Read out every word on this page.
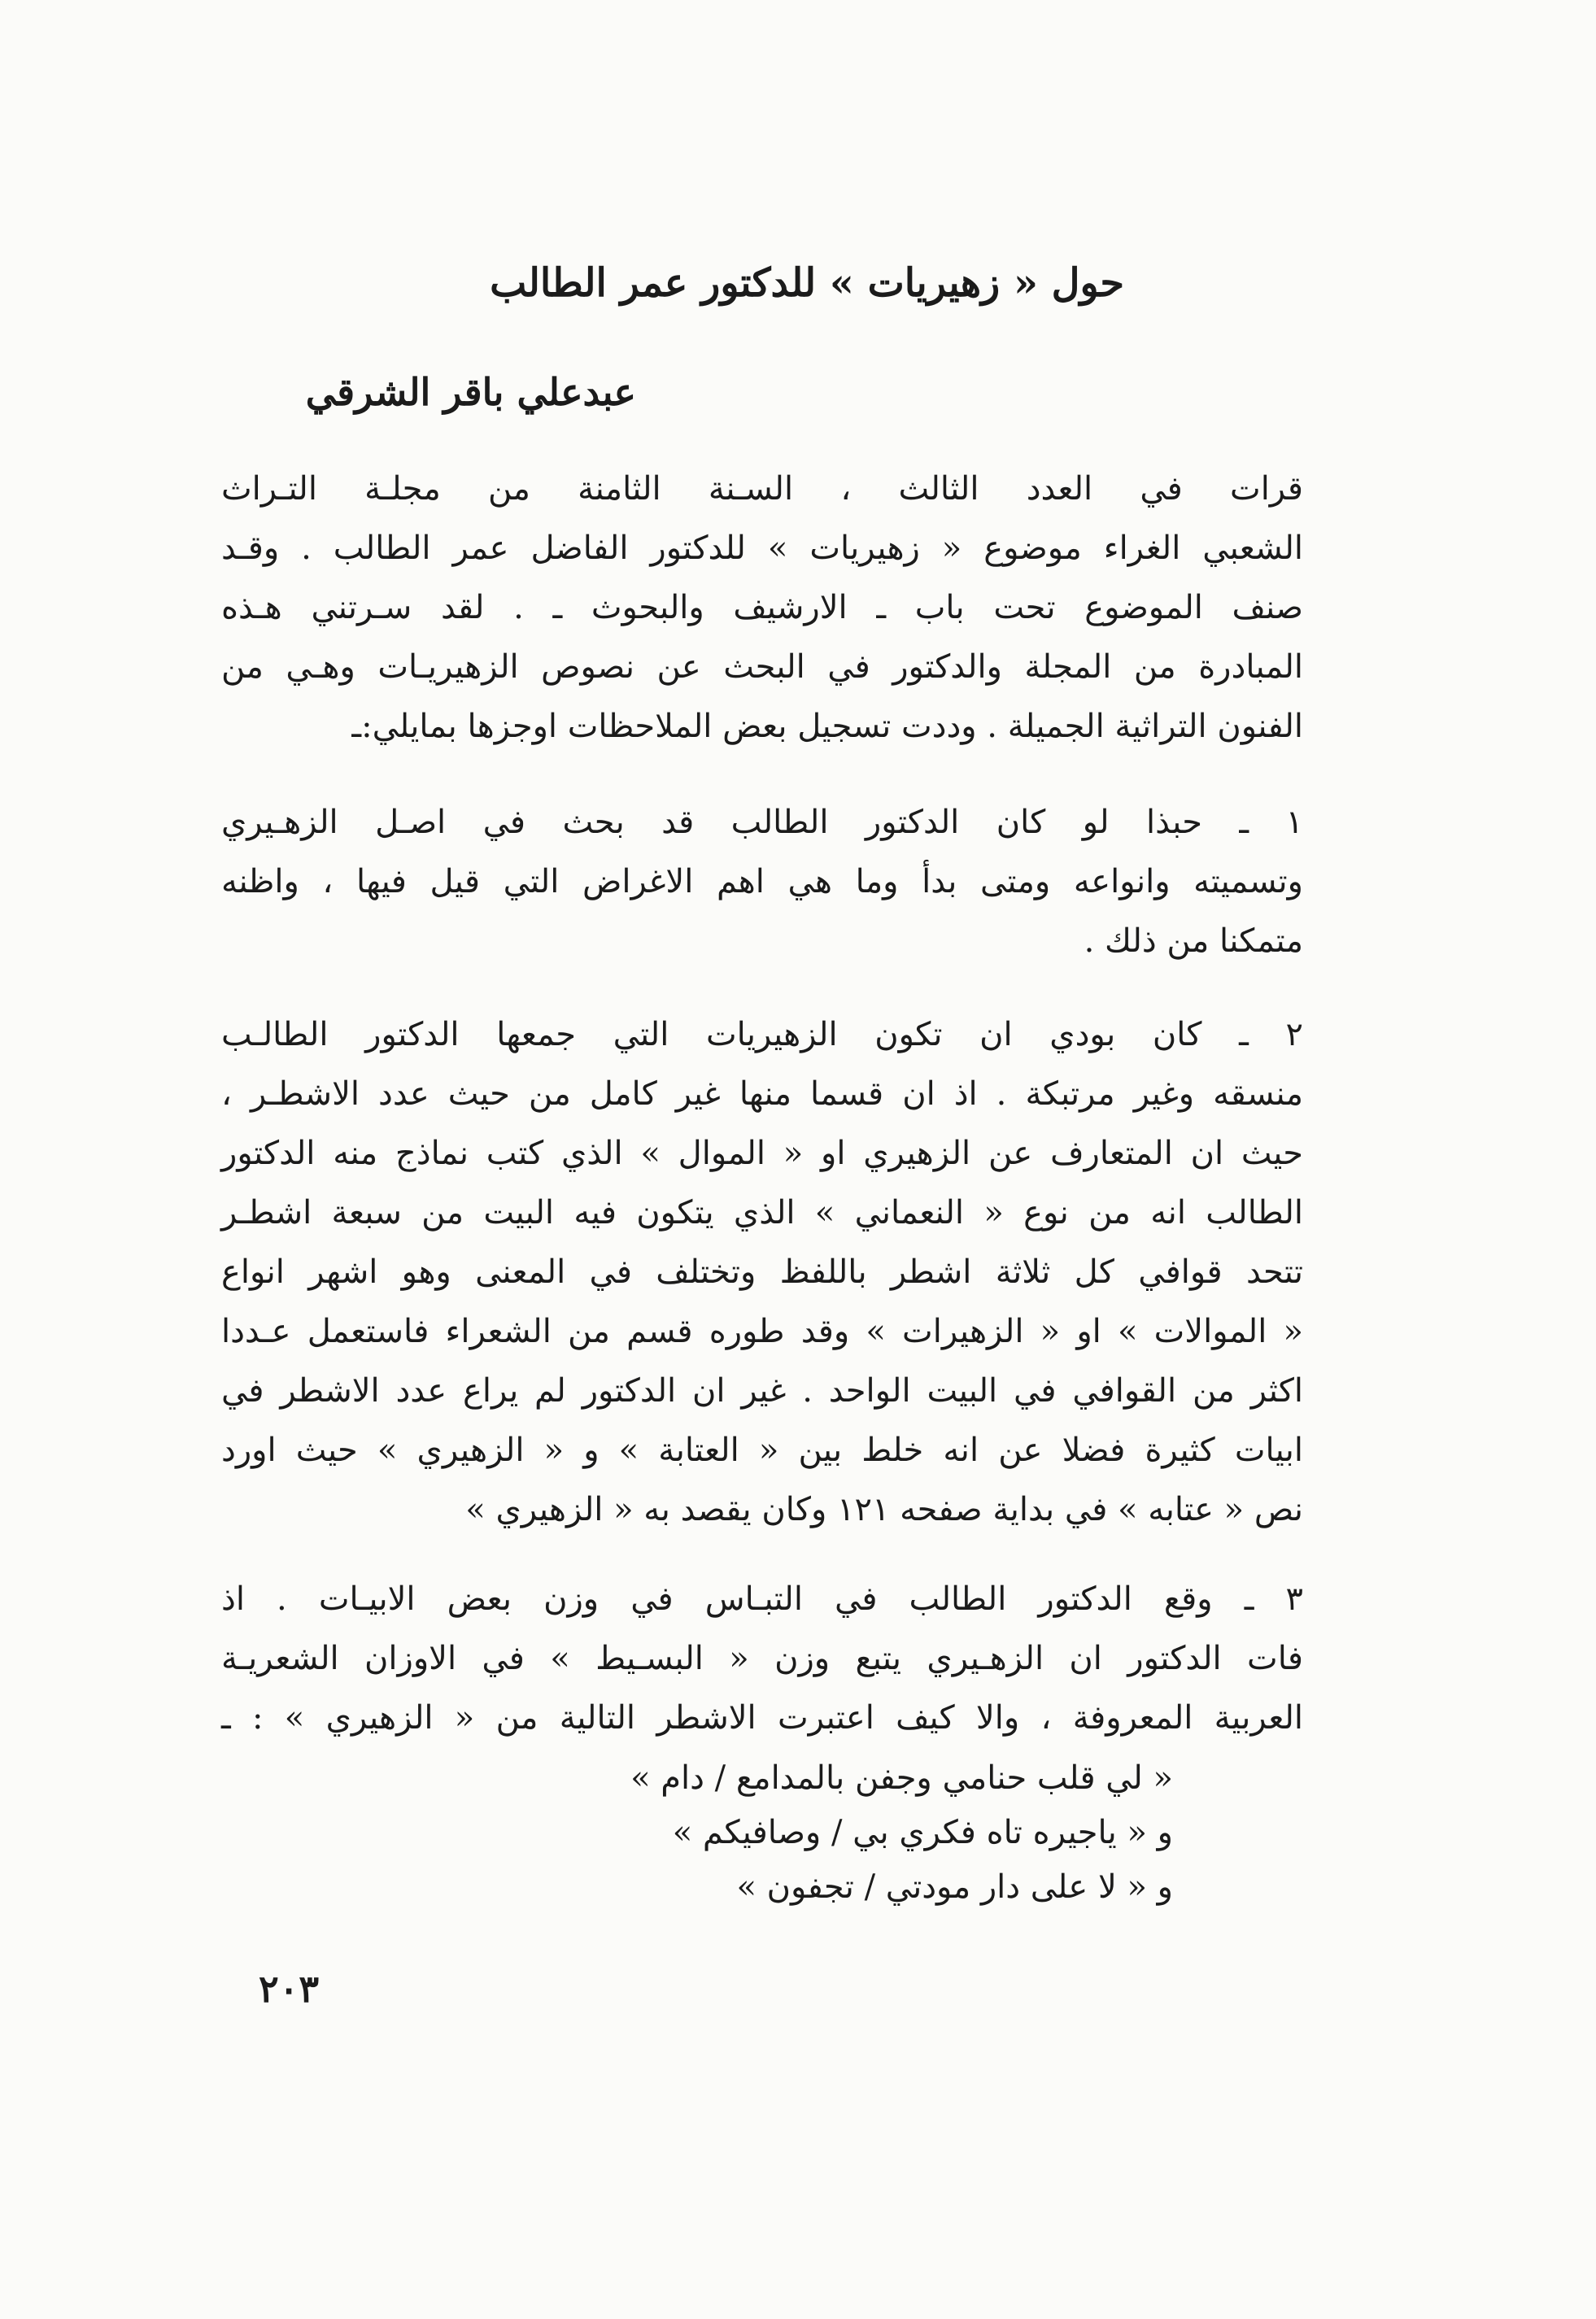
حول « زهيريات » للدكتور عمر الطالب
عبدعلي باقر الشرقي
قرات في العدد الثالث ، السـنة الثامنة من مجلـة التـراث
الشعبي الغراء موضوع « زهيريات » للدكتور الفاضل عمر الطالب . وقـد
صنف الموضوع تحت باب ـ الارشيف والبحوث ـ . لقد سـرتني هـذه
المبادرة من المجلة والدكتور في البحث عن نصوص الزهيريـات وهـي من
الفنون التراثية الجميلة . وددت تسجيل بعض الملاحظات اوجزها بمايلي:ـ
١ ـ حبذا لو كان الدكتور الطالب قد بحث في اصـل الزهـيري
وتسميته وانواعه ومتى بدأ وما هي اهم الاغراض التي قيل فيها ، واظنه
متمكنا من ذلك .
٢ ـ كان بودي ان تكون الزهيريات التي جمعها الدكتور الطالـب
منسقه وغير مرتبكة . اذ ان قسما منها غير كامل من حيث عدد الاشطـر ،
حيث ان المتعارف عن الزهيري او « الموال » الذي كتب نماذج منه الدكتور
الطالب انه من نوع « النعماني » الذي يتكون فيه البيت من سبعة اشطـر
تتحد قوافي كل ثلاثة اشطر باللفظ وتختلف في المعنى وهو اشهر انواع
« الموالات » او « الزهيرات » وقد طوره قسم من الشعراء فاستعمل عـددا
اكثر من القوافي في البيت الواحد . غير ان الدكتور لم يراع عدد الاشطر في
ابيات كثيرة فضلا عن انه خلط بين « العتابة » و « الزهيري » حيث اورد
نص « عتابه » في بداية صفحه ١٢١ وكان يقصد به « الزهيري »
٣ ـ وقع الدكتور الطالب في التبـاس في وزن بعض الابيـات . اذ
فات الدكتور ان الزهـيري يتبع وزن « البسـيط » في الاوزان الشعريـة
العربية المعروفة ، والا كيف اعتبرت الاشطر التالية من « الزهيري » : ـ
« لي قلب حنامي وجفن بالمدامع / دام »
و « ياجيره تاه فكري بي / وصافيكم »
و « لا على دار مودتي / تجفون »
٢٠٣
